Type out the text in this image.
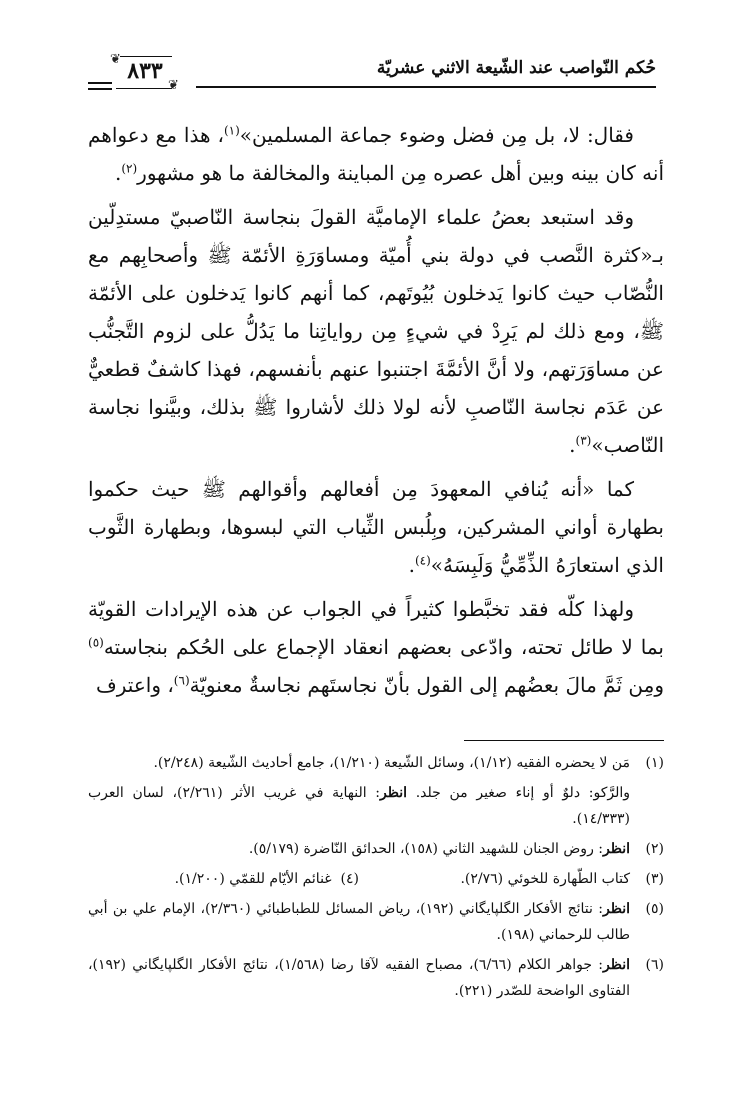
حُكم النّواصب عند الشّيعة الاثني عشريّة
❦ ٨٣٣
❦

فقال: لا، بل مِن فضل وضوء جماعة المسلمين»$^{(١)}$، هذا مع دعواهم أنه كان بينه وبين أهل عصره مِن المباينة والمخالفة ما هو مشهور$^{(٢)}$.

وقد استبعد بعضُ علماء الإماميَّة القولَ بنجاسة النّاصبيّ مستدِلّين بـ«كثرة النَّصب في دولة بني أُميّة ومساوَرَةِ الأئمّة ﷺ وأصحابِهم مع النُّصّاب حيث كانوا يَدخلون بُيُوتَهم، كما أنهم كانوا يَدخلون على الأئمّة ﷺ، ومع ذلك لم يَرِدْ في شيءٍ مِن رواياتِنا ما يَدُلُّ على لزوم التَّجنُّب عن مساوَرَتهم، ولا أنَّ الأئمَّةَ اجتنبوا عنهم بأنفسهم، فهذا كاشفٌ قطعيٌّ عن عَدَم نجاسة النّاصبِ لأنه لولا ذلك لأشاروا ﷺ بذلك، وبيَّنوا نجاسة النّاصب»$^{(٣)}$.

كما «أنه يُنافي المعهودَ مِن أفعالهم وأقوالهم ﷺ حيث حكموا بطهارة أواني المشركين، وبِلُبس الثِّياب التي لبسوها، وبطهارة الثَّوب الذي استعارَهُ الذِّمِّيُّ وَلَبِسَهُ»$^{(٤)}$.

ولهذا كلّه فقد تخبَّطوا كثيراً في الجواب عن هذه الإيرادات القويّة بما لا طائل تحته، وادّعى بعضهم انعقاد الإجماع على الحُكم بنجاسته$^{(٥)}$ ومِن ثَمَّ مالَ بعضُهم إلى القول بأنّ نجاستَهم نجاسةٌ معنويّة$^{(٦)}$، واعترف

(١)
مَن لا يحضره الفقيه (١/١٢)، وسائل الشّيعة (١/٢١٠)، جامع أحاديث الشّيعة (٢/٢٤٨).
والرَّكو: دلوٌ أو إناء صغير من جلد. انظر: النهاية في غريب الأثر (٢/٢٦١)، لسان العرب (١٤/٣٣٣).
(٢)
انظر: روض الجنان للشهيد الثاني (١٥٨)، الحدائق النّاضرة (٥/١٧٩).
(٣)
كتاب الطّهارة للخوئي (٢/٧٦).
(٤)  غنائم الأيّام للقمّي (١/٢٠٠).
(٥)
انظر: نتائج الأفكار الگلپايگاني (١٩٢)، رياض المسائل للطباطبائي (٢/٣٦٠)، الإمام علي بن أبي طالب للرحماني (١٩٨).
(٦)
انظر: جواهر الكلام (٦/٦٦)، مصباح الفقيه لآقا رضا (١/٥٦٨)، نتائج الأفكار الگلپايگاني (١٩٢)، الفتاوى الواضحة للصّدر (٢٢١).
